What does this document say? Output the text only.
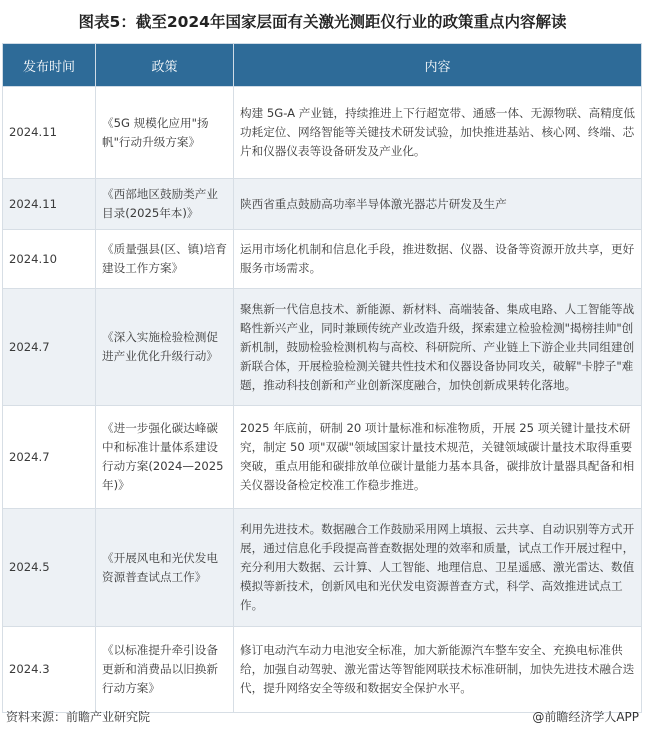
图表5：截至2024年国家层面有关激光测距仪行业的政策重点内容解读
发布时间	政策	内容
2024.11	《5G 规模化应用"扬帆"行动升级方案》	构建 5G-A 产业链，持续推进上下行超宽带、通感一体、无源物联、高精度低功耗定位、网络智能等关键技术研发试验，加快推进基站、核心网、终端、芯片和仪器仪表等设备研发及产业化。
2024.11	《西部地区鼓励类产业目录(2025年本)》	陕西省重点鼓励高功率半导体激光器芯片研发及生产
2024.10	《质量强县(区、镇)培育建设工作方案》	运用市场化机制和信息化手段，推进数据、仪器、设备等资源开放共享，更好服务市场需求。
2024.7	《深入实施检验检测促进产业优化升级行动》	聚焦新一代信息技术、新能源、新材料、高端装备、集成电路、人工智能等战略性新兴产业，同时兼顾传统产业改造升级，探索建立检验检测"揭榜挂帅"创新机制，鼓励检验检测机构与高校、科研院所、产业链上下游企业共同组建创新联合体，开展检验检测关键共性技术和仪器设备协同攻关，破解"卡脖子"难题，推动科技创新和产业创新深度融合，加快创新成果转化落地。
2024.7	《进一步强化碳达峰碳中和标准计量体系建设行动方案(2024—2025年)》	2025 年底前，研制 20 项计量标准和标准物质，开展 25 项关键计量技术研究，制定 50 项"双碳"领域国家计量技术规范，关键领域碳计量技术取得重要突破，重点用能和碳排放单位碳计量能力基本具备，碳排放计量器具配备和相关仪器设备检定校准工作稳步推进。
2024.5	《开展风电和光伏发电资源普查试点工作》	利用先进技术。数据融合工作鼓励采用网上填报、云共享、自动识别等方式开展，通过信息化手段提高普查数据处理的效率和质量，试点工作开展过程中，充分利用大数据、云计算、人工智能、地理信息、卫星遥感、激光雷达、数值模拟等新技术，创新风电和光伏发电资源普查方式，科学、高效推进试点工作。
2024.3	《以标准提升牵引设备更新和消费品以旧换新行动方案》	修订电动汽车动力电池安全标准，加大新能源汽车整车安全、充换电标准供给，加强自动驾驶、激光雷达等智能网联技术标准研制，加快先进技术融合迭代，提升网络安全等级和数据安全保护水平。
资料来源：前瞻产业研究院	@前瞻经济学人APP
